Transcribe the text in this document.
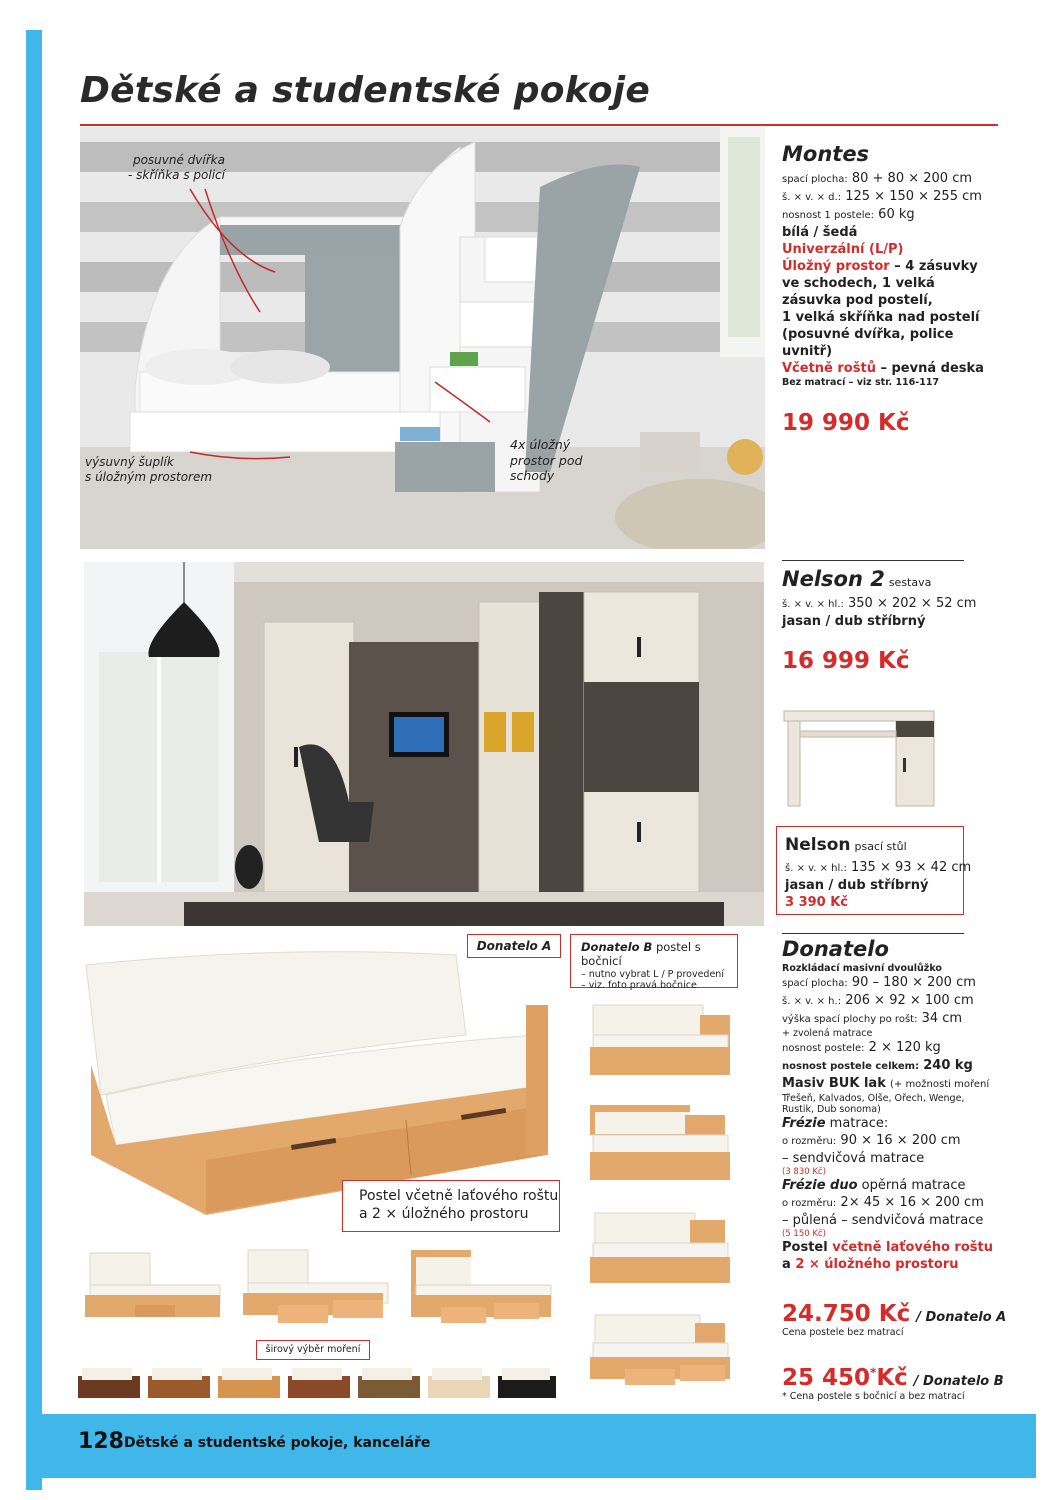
Dětské a studentské pokoje
posuvné dvířka
- skříňka s policí
výsuvný šuplík
s úložným prostorem
4x úložný
prostor pod
schody
Montes
spací plocha: 80 + 80 × 200 cm
š. × v. × d.: 125 × 150 × 255 cm
nosnost 1 postele: 60 kg
bílá / šedá
Univerzální (L/P)
Úložný prostor – 4 zásuvky
ve schodech, 1 velká
zásuvka pod postelí,
1 velká skříňka nad postelí
(posuvné dvířka, police
uvnitř)
Včetně roštů – pevná deska
Bez matrací – viz str. 116-117
19 990 Kč
Nelson 2 sestava
š. × v. × hl.: 350 × 202 × 52 cm
jasan / dub stříbrný
16 999 Kč
Nelson psací stůl
š. × v. × hl.: 135 × 93 × 42 cm
jasan / dub stříbrný
3 390 Kč
Donatelo A
Postel včetně laťového roštu
a 2 × úložného prostoru
širový výběr moření
Donatelo B postel s bočnicí
– nutno vybrat L / P provedení
– viz. foto pravá bočnice
Donatelo
Rozkládací masivní dvoulůžko
spací plocha: 90 – 180 × 200 cm
š. × v. × h.: 206 × 92 × 100 cm
výška spací plochy po rošt: 34 cm
+ zvolená matrace
nosnost postele: 2 × 120 kg
nosnost postele celkem: 240 kg
Masiv BUK lak (+ možnosti moření
Třešeň, Kalvados, Olše, Ořech, Wenge,
Rustik, Dub sonoma)
Frézie matrace:
o rozměru: 90 × 16 × 200 cm
– sendvičová matrace
(3 830 Kč)
Frézie duo opěrná matrace
o rozměru: 2× 45 × 16 × 200 cm
– půlená – sendvičová matrace
(5 150 Kč)
Postel včetně laťového roštu
a 2 × úložného prostoru
24.750 Kč / Donatelo A
Cena postele bez matrací
25 450*Kč / Donatelo B
* Cena postele s bočnicí a bez matrací
128 Dětské a studentské pokoje, kanceláře
